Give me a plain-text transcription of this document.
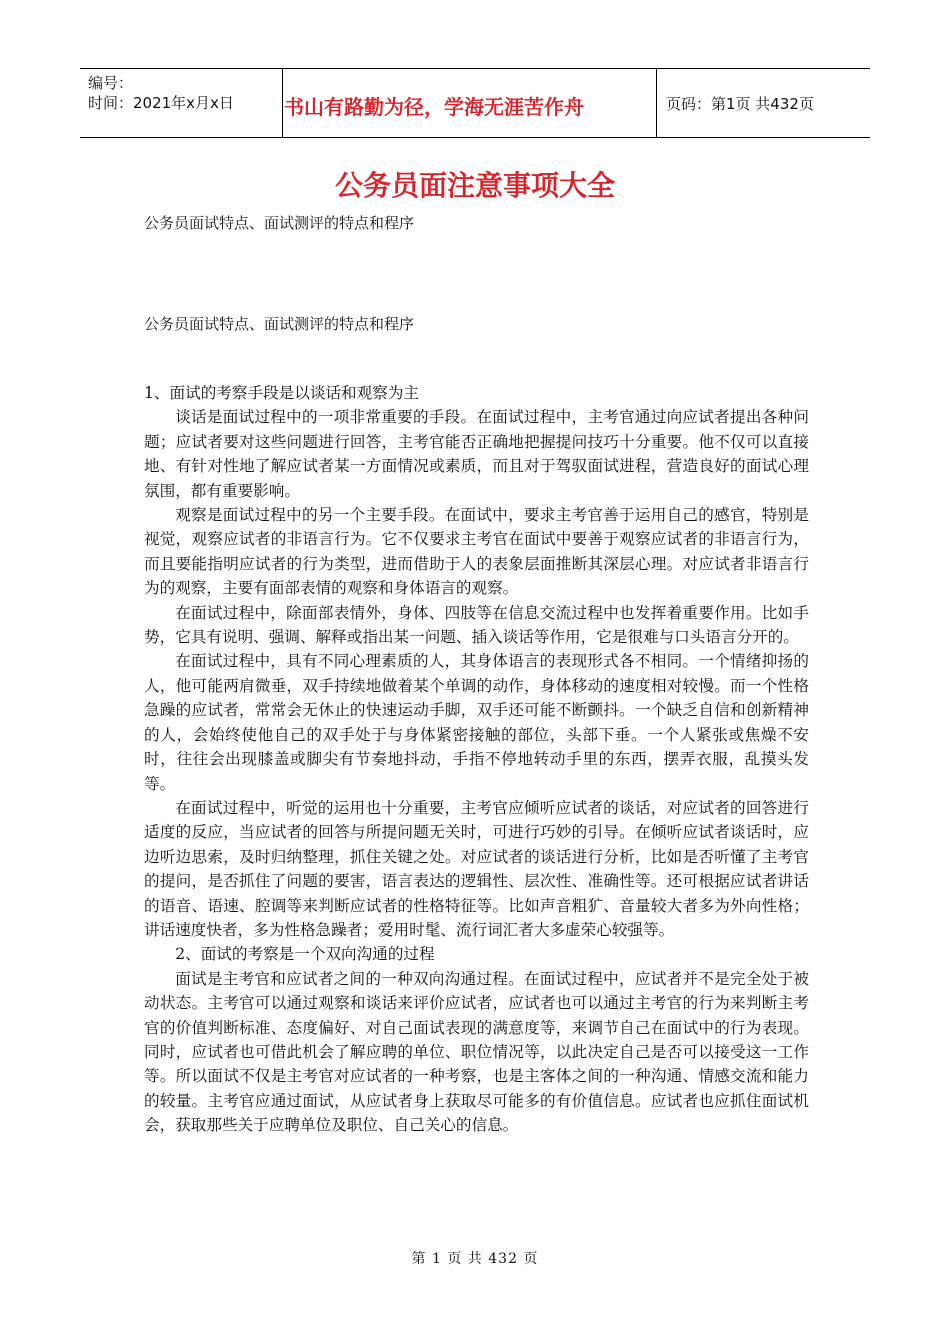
编号：
时间：2021年x月x日	书山有路勤为径，学海无涯苦作舟	页码：第1页 共432页
公务员面注意事项大全
公务员面试特点、面试测评的特点和程序
公务员面试特点、面试测评的特点和程序

1、面试的考察手段是以谈话和观察为主

谈话是面试过程中的一项非常重要的手段。在面试过程中，主考官通过向应试者提出各种问题；应试者要对这些问题进行回答，主考官能否正确地把握提问技巧十分重要。他不仅可以直接地、有针对性地了解应试者某一方面情况或素质，而且对于驾驭面试进程，营造良好的面试心理氛围，都有重要影响。

观察是面试过程中的另一个主要手段。在面试中，要求主考官善于运用自己的感官，特别是视觉，观察应试者的非语言行为。它不仅要求主考官在面试中要善于观察应试者的非语言行为，而且要能指明应试者的行为类型，进而借助于人的表象层面推断其深层心理。对应试者非语言行为的观察，主要有面部表情的观察和身体语言的观察。

在面试过程中，除面部表情外，身体、四肢等在信息交流过程中也发挥着重要作用。比如手势，它具有说明、强调、解释或指出某一问题、插入谈话等作用，它是很难与口头语言分开的。

在面试过程中，具有不同心理素质的人，其身体语言的表现形式各不相同。一个情绪抑扬的人，他可能两肩微垂，双手持续地做着某个单调的动作，身体移动的速度相对较慢。而一个性格急躁的应试者，常常会无休止的快速运动手脚，双手还可能不断颤抖。一个缺乏自信和创新精神的人，会始终使他自己的双手处于与身体紧密接触的部位，头部下垂。一个人紧张或焦燥不安时，往往会出现膝盖或脚尖有节奏地抖动，手指不停地转动手里的东西，摆弄衣服，乱摸头发等。

在面试过程中，听觉的运用也十分重要，主考官应倾听应试者的谈话，对应试者的回答进行适度的反应，当应试者的回答与所提问题无关时，可进行巧妙的引导。在倾听应试者谈话时，应边听边思索，及时归纳整理，抓住关键之处。对应试者的谈话进行分析，比如是否听懂了主考官的提问，是否抓住了问题的要害，语言表达的逻辑性、层次性、准确性等。还可根据应试者讲话的语音、语速、腔调等来判断应试者的性格特征等。比如声音粗犷、音量较大者多为外向性格；讲话速度快者，多为性格急躁者；爱用时髦、流行词汇者大多虚荣心较强等。

2、面试的考察是一个双向沟通的过程

面试是主考官和应试者之间的一种双向沟通过程。在面试过程中，应试者并不是完全处于被动状态。主考官可以通过观察和谈话来评价应试者，应试者也可以通过主考官的行为来判断主考官的价值判断标准、态度偏好、对自己面试表现的满意度等，来调节自己在面试中的行为表现。同时，应试者也可借此机会了解应聘的单位、职位情况等，以此决定自己是否可以接受这一工作等。所以面试不仅是主考官对应试者的一种考察，也是主客体之间的一种沟通、情感交流和能力的较量。主考官应通过面试，从应试者身上获取尽可能多的有价值信息。应试者也应抓住面试机会，获取那些关于应聘单位及职位、自己关心的信息。

第 1 页 共 432 页
